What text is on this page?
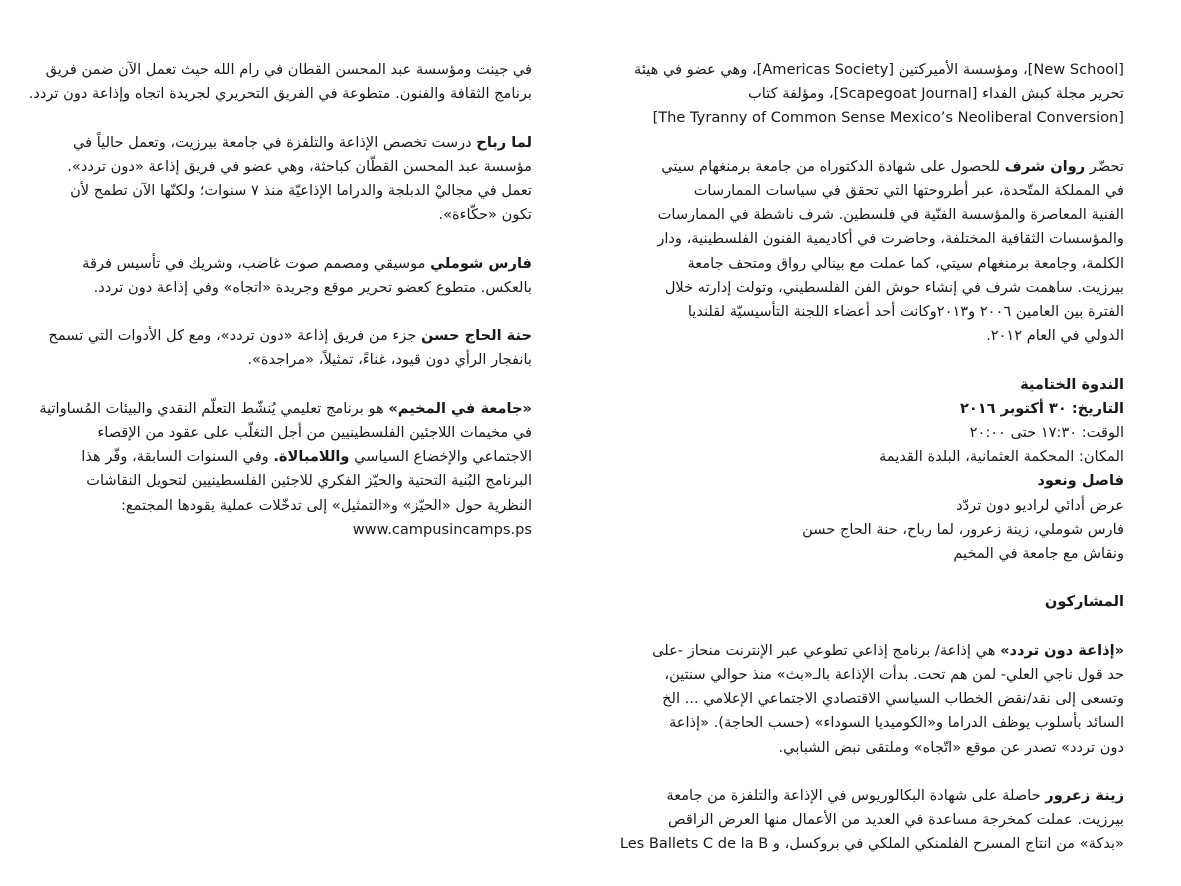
[New School]، ومؤسسة الأميركتين [Americas Society]، وهي عضو في هيئة
تحرير مجلة كبش الفداء [Scapegoat Journal]، ومؤلفة كتاب
[The Tyranny of Common Sense Mexico’s Neoliberal Conversion]
تحضّر روان شرف للحصول على شهادة الدكتوراه من جامعة برمنغهام سيتي
في المملكة المتّحدة، عبر أطروحتها التي تحقق في سياسات الممارسات
الفنية المعاصرة والمؤسسة الفنّية في فلسطين. شرف ناشطة في الممارسات
والمؤسسات الثقافية المختلفة، وحاضرت في أكاديمية الفنون الفلسطينية، ودار
الكلمة، وجامعة برمنغهام سيتي، كما عملت مع بينالي رواق ومتحف جامعة
بيرزيت. ساهمت شرف في إنشاء حوش الفن الفلسطيني، وتولت إدارته خلال
الفترة بين العامين ٢٠٠٦ و٢٠١٣وكانت أحد أعضاء اللجنة التأسيسيّة لقلنديا
الدولي في العام ٢٠١٢.
الندوة الختامية
التاريخ: ٣٠ أكتوبر ٢٠١٦
الوقت: ١٧:٣٠ حتى ٢٠:٠٠
المكان: المحكمة العثمانية، البلدة القديمة
فاصل ونعود
عرض أدائي لراديو دون تردّد
فارس شوملي، زينة زعرور، لما رباح، حنة الحاج حسن
ونقاش مع جامعة في المخيم
المشاركون
«إذاعة دون تردد» هي إذاعة/ برنامج إذاعي تطوعي عبر الإنترنت منحاز -على
حد قول ناجي العلي- لمن هم تحت. بدأت الإذاعة بالـ«بث» منذ حوالي سنتين،
وتسعى إلى نقد/نقض الخطاب السياسي الاقتصادي الاجتماعي الإعلامي ... الخ
السائد بأسلوب يوظف الدراما و«الكوميديا السوداء» (حسب الحاجة). «إذاعة
دون تردد» تصدر عن موقع «اتّجاه» وملتقى نبض الشبابي.
زينة زعرور حاصلة على شهادة البكالوريوس في الإذاعة والتلفزة من جامعة
بيرزيت. عملت كمخرجة مساعدة في العديد من الأعمال منها العرض الراقص
«بدكة» من انتاج المسرح الفلمنكي الملكي في بروكسل، و Les Ballets C de la B
في جينت ومؤسسة عبد المحسن القطان في رام الله حيث تعمل الآن ضمن فريق
برنامج الثقافة والفنون. متطوعة في الفريق التحريري لجريدة اتجاه وإذاعة دون تردد.
لما رباح درست تخصص الإذاعة والتلفزة في جامعة بيرزيت، وتعمل حالياً في
مؤسسة عبد المحسن القطّان كباحثة، وهي عضو في فريق إذاعة «دون تردد».
تعمل في مجاليْ الدبلجة والدراما الإذاعيّة منذ ٧ سنوات؛ ولكنّها الآن تطمح لأن
تكون «حكّاءة».
فارس شوملي موسيقي ومصمم صوت غاضب، وشريك في تأسيس فرقة
بالعكس. متطوع كعضو تحرير موقع وجريدة «اتجاه» وفي إذاعة دون تردد.
حنة الحاج حسن جزء من فريق إذاعة «دون تردد»، ومع كل الأدوات التي تسمح
بانفجار الرأي دون قيود، غناءً، تمثيلاً، «مراجدة».
«جامعة في المخيم» هو برنامج تعليمي يُنشّط التعلّم النقدي والبيئات المُساواتية
في مخيمات اللاجئين الفلسطينيين من أجل التغلّب على عقود من الإقصاء
الاجتماعي والإخضاع السياسي واللامبالاة. وفي السنوات السابقة، وفّر هذا
البرنامج البُنية التحتية والحيّز الفكري للاجئين الفلسطينيين لتحويل النقاشات
النظرية حول «الحيّز» و«التمثيل» إلى تدخّلات عملية يقودها المجتمع:
www.campusincamps.ps
